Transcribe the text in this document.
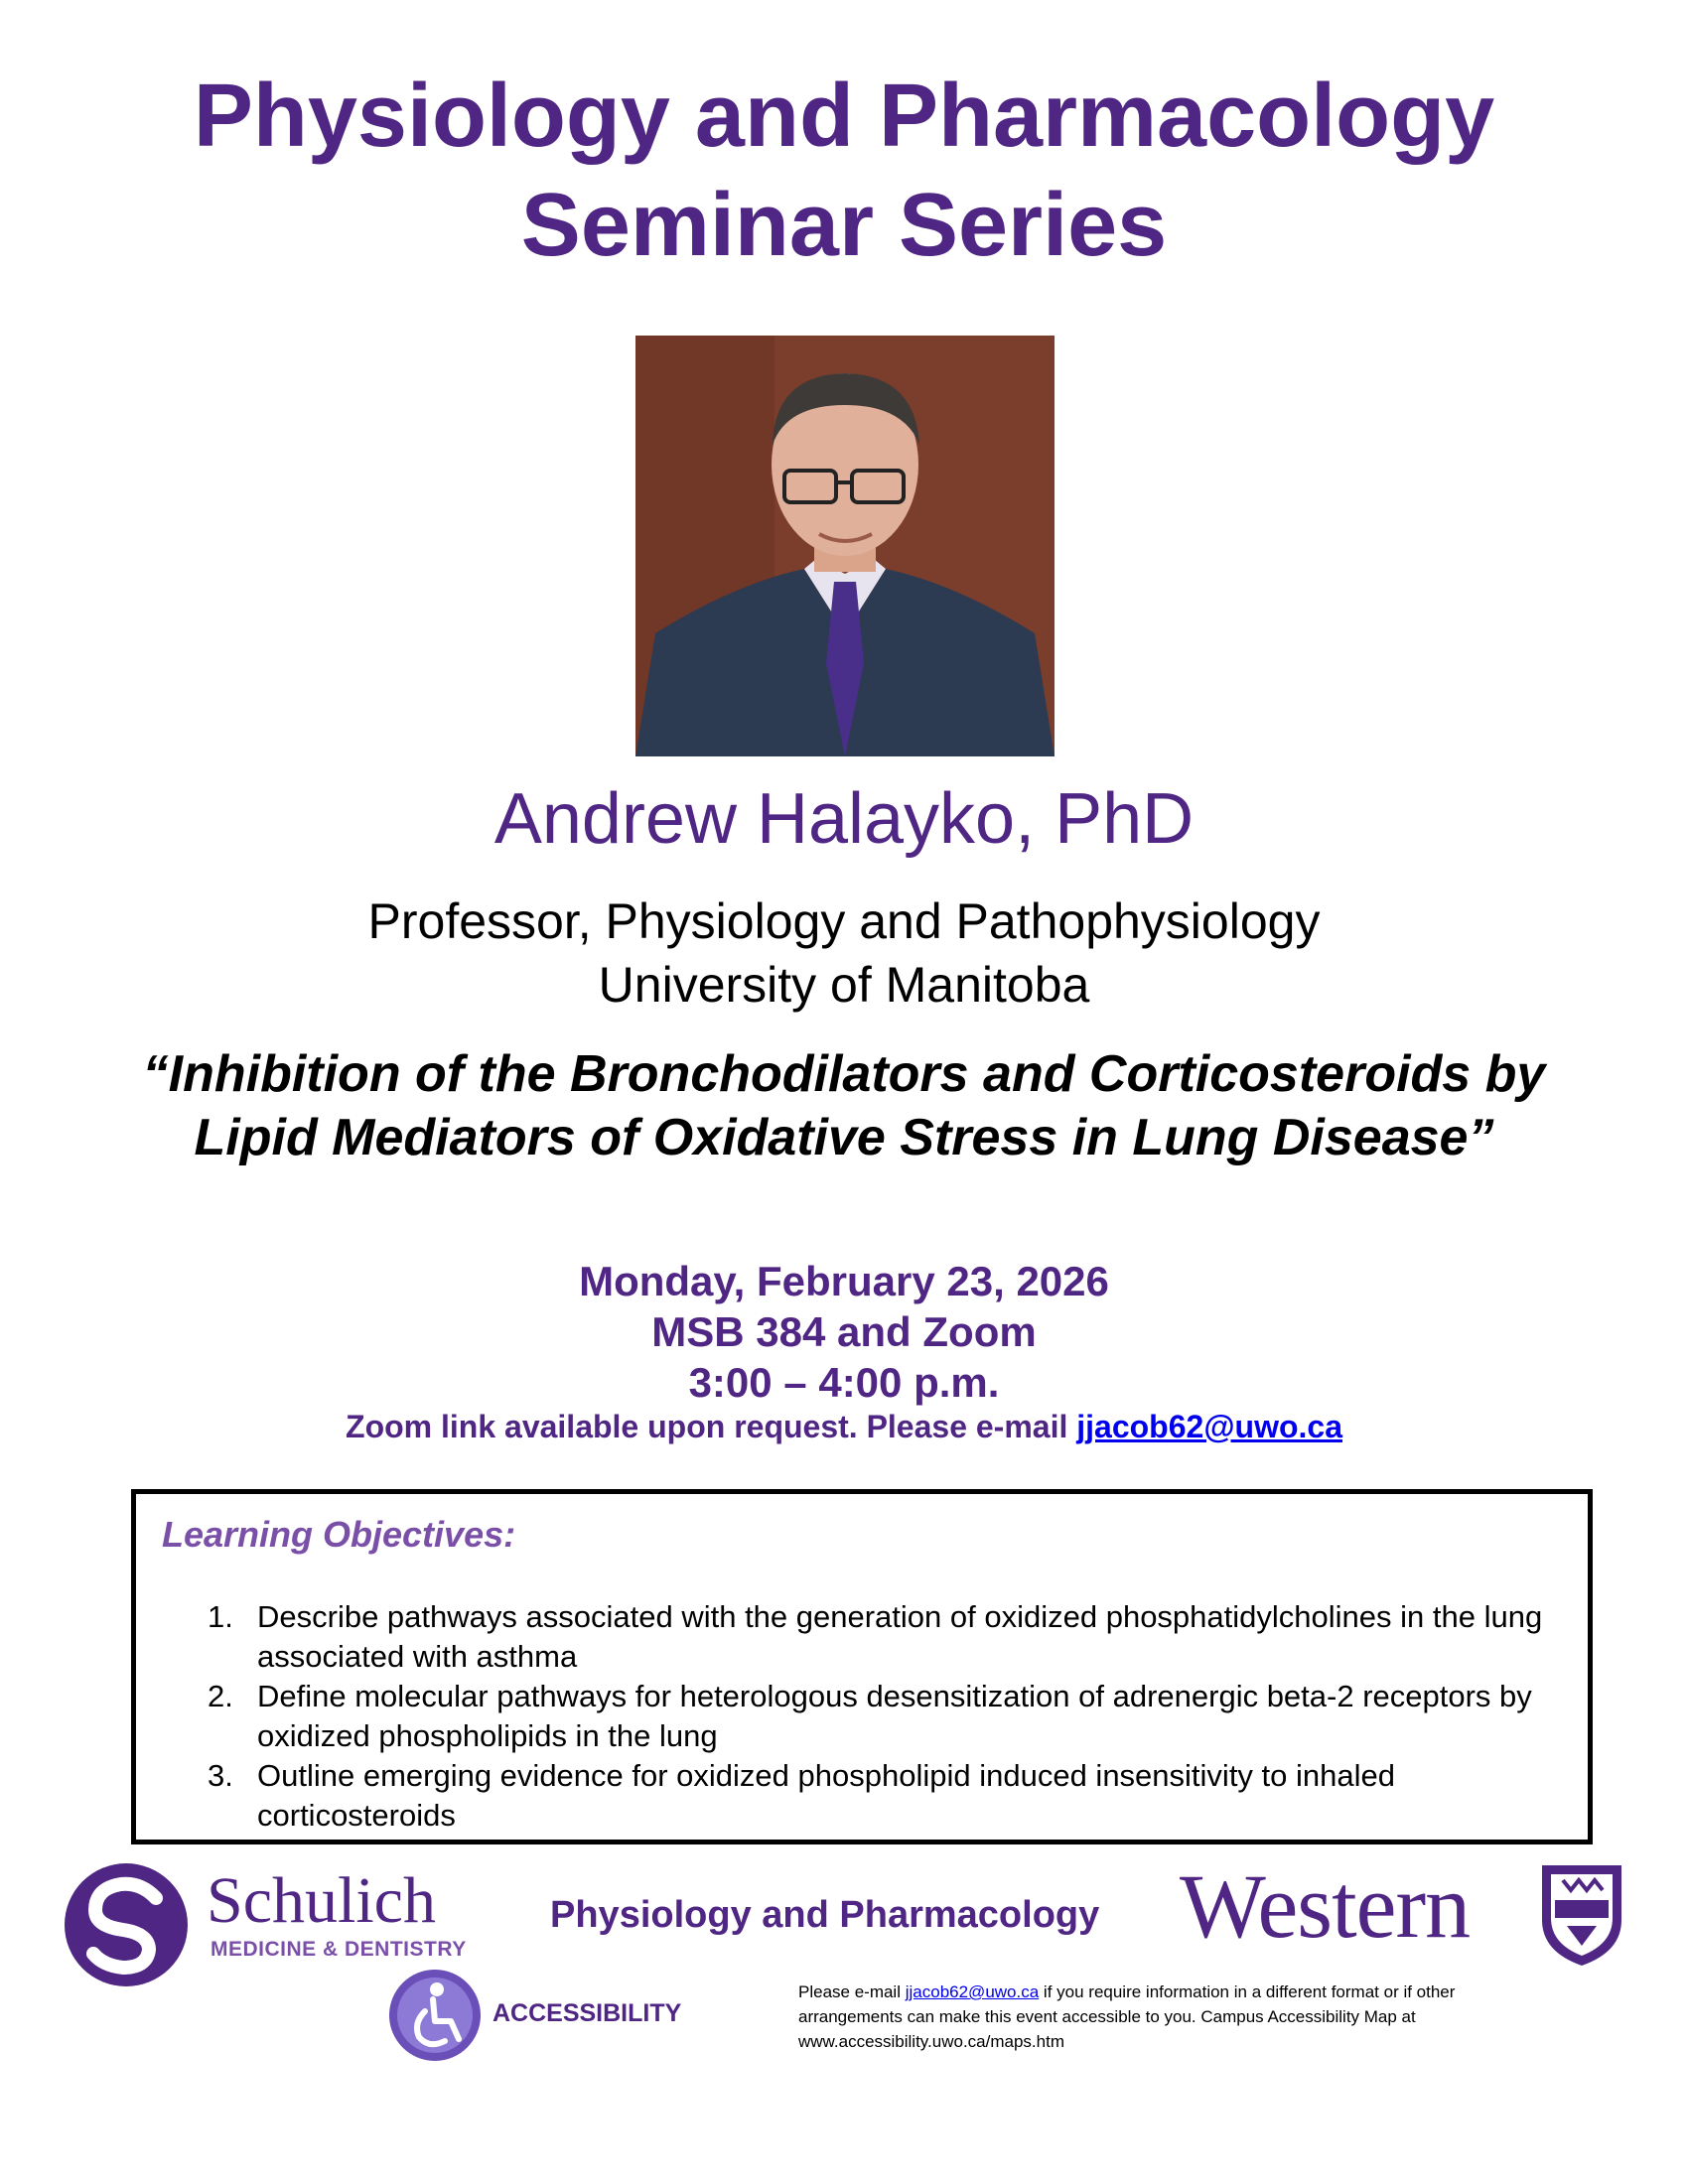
Physiology and Pharmacology
Seminar Series
Andrew Halayko, PhD
Professor, Physiology and Pathophysiology
University of Manitoba
“Inhibition of the Bronchodilators and Corticosteroids by Lipid Mediators of Oxidative Stress in Lung Disease”
Monday, February 23, 2026
MSB 384 and Zoom
3:00 – 4:00 p.m.
Zoom link available upon request. Please e-mail jjacob62@uwo.ca
Learning Objectives:
1. Describe pathways associated with the generation of oxidized phosphatidylcholines in the lung associated with asthma
2. Define molecular pathways for heterologous desensitization of adrenergic beta-2 receptors by oxidized phospholipids in the lung
3. Outline emerging evidence for oxidized phospholipid induced insensitivity to inhaled corticosteroids
Schulich
MEDICINE & DENTISTRY
Physiology and Pharmacology Western
ACCESSIBILITY
Please e-mail jjacob62@uwo.ca if you require information in a different format or if other arrangements can make this event accessible to you. Campus Accessibility Map at www.accessibility.uwo.ca/maps.htm
